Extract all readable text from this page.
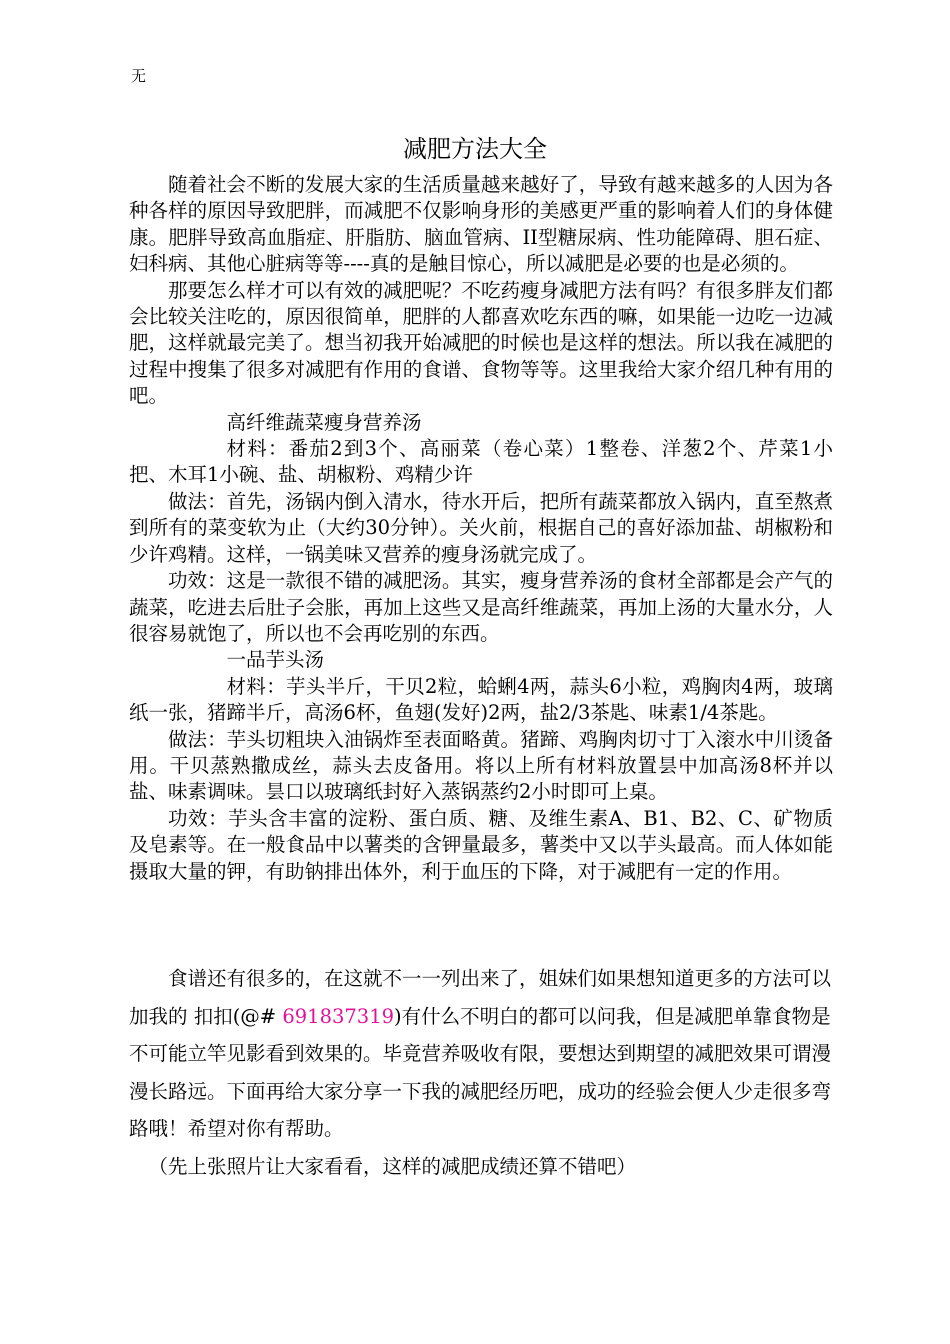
无
减肥方法大全

随着社会不断的发展大家的生活质量越来越好了，导致有越来越多的人因为各种各样的原因导致肥胖，而减肥不仅影响身形的美感更严重的影响着人们的身体健康。肥胖导致高血脂症、肝脂肪、脑血管病、II型糖尿病、性功能障碍、胆石症、妇科病、其他心脏病等等----真的是触目惊心，所以减肥是必要的也是必须的。

那要怎么样才可以有效的减肥呢？不吃药瘦身减肥方法有吗？有很多胖友们都会比较关注吃的，原因很简单，肥胖的人都喜欢吃东西的嘛，如果能一边吃一边减肥，这样就最完美了。想当初我开始减肥的时候也是这样的想法。所以我在减肥的过程中搜集了很多对减肥有作用的食谱、食物等等。这里我给大家介绍几种有用的吧。

高纤维蔬菜瘦身营养汤

材料：番茄2到3个、高丽菜（卷心菜）1整卷、洋葱2个、芹菜1小把、木耳1小碗、盐、胡椒粉、鸡精少许

做法：首先，汤锅内倒入清水，待水开后，把所有蔬菜都放入锅内，直至熬煮到所有的菜变软为止（大约30分钟）。关火前，根据自己的喜好添加盐、胡椒粉和少许鸡精。这样，一锅美味又营养的瘦身汤就完成了。

功效：这是一款很不错的减肥汤。其实，瘦身营养汤的食材全部都是会产气的蔬菜，吃进去后肚子会胀，再加上这些又是高纤维蔬菜，再加上汤的大量水分，人很容易就饱了，所以也不会再吃别的东西。

一品芋头汤

材料：芋头半斤，干贝2粒，蛤蜊4两，蒜头6小粒，鸡胸肉4两，玻璃纸一张，猪蹄半斤，高汤6杯，鱼翅(发好)2两，盐2/3茶匙、味素1/4茶匙。

做法：芋头切粗块入油锅炸至表面略黄。猪蹄、鸡胸肉切寸丁入滚水中川烫备用。干贝蒸熟撒成丝，蒜头去皮备用。将以上所有材料放置昙中加高汤8杯并以盐、味素调味。昙口以玻璃纸封好入蒸锅蒸约2小时即可上桌。

功效：芋头含丰富的淀粉、蛋白质、糖、及维生素A、B1、B2、C、矿物质及皂素等。在一般食品中以薯类的含钾量最多，薯类中又以芋头最高。而人体如能摄取大量的钾，有助钠排出体外，利于血压的下降，对于减肥有一定的作用。

食谱还有很多的，在这就不一一列出来了，姐妹们如果想知道更多的方法可以加我的 扣扣(@# 691837319)有什么不明白的都可以问我，但是减肥单靠食物是不可能立竿见影看到效果的。毕竟营养吸收有限，要想达到期望的减肥效果可谓漫漫长路远。下面再给大家分享一下我的减肥经历吧，成功的经验会便人少走很多弯路哦！希望对你有帮助。

（先上张照片让大家看看，这样的减肥成绩还算不错吧）
